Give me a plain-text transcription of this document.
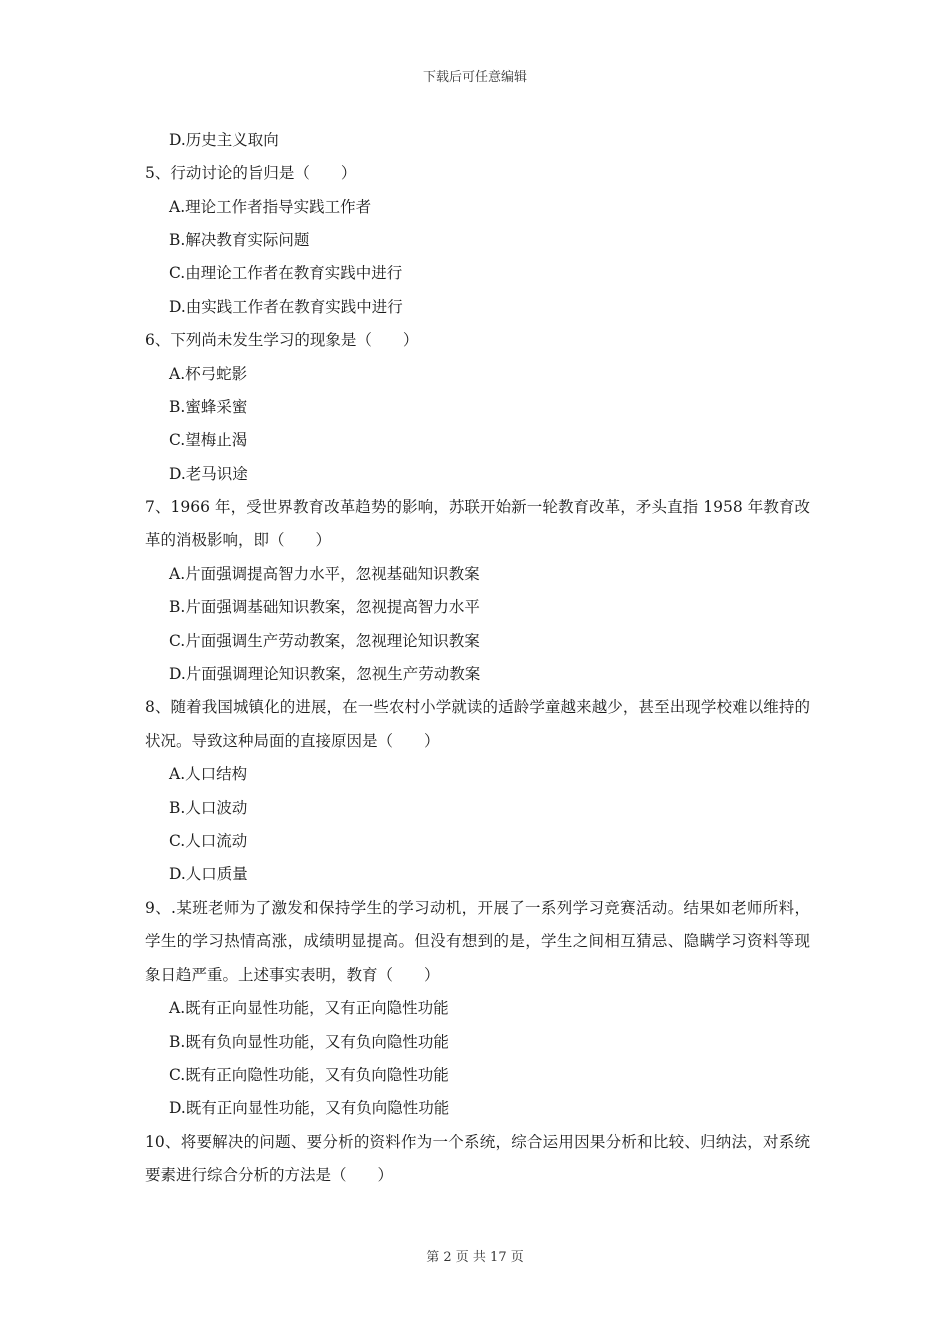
下载后可任意编辑
D.历史主义取向
5、行动讨论的旨归是（　　）
A.理论工作者指导实践工作者
B.解决教育实际问题
C.由理论工作者在教育实践中进行
D.由实践工作者在教育实践中进行
6、下列尚未发生学习的现象是（　　）
A.杯弓蛇影
B.蜜蜂采蜜
C.望梅止渴
D.老马识途
7、1966 年，受世界教育改革趋势的影响，苏联开始新一轮教育改革，矛头直指 1958 年教育改革的消极影响，即（　　）
A.片面强调提高智力水平，忽视基础知识教案
B.片面强调基础知识教案，忽视提高智力水平
C.片面强调生产劳动教案，忽视理论知识教案
D.片面强调理论知识教案，忽视生产劳动教案
8、随着我国城镇化的进展，在一些农村小学就读的适龄学童越来越少，甚至出现学校难以维持的状况。导致这种局面的直接原因是（　　）
A.人口结构
B.人口波动
C.人口流动
D.人口质量
9、.某班老师为了激发和保持学生的学习动机，开展了一系列学习竞赛活动。结果如老师所料，学生的学习热情高涨，成绩明显提高。但没有想到的是，学生之间相互猜忌、隐瞒学习资料等现象日趋严重。上述事实表明，教育（　　）
A.既有正向显性功能，又有正向隐性功能
B.既有负向显性功能，又有负向隐性功能
C.既有正向隐性功能，又有负向隐性功能
D.既有正向显性功能，又有负向隐性功能
10、将要解决的问题、要分析的资料作为一个系统，综合运用因果分析和比较、归纳法，对系统要素进行综合分析的方法是（　　）
第 2 页 共 17 页
